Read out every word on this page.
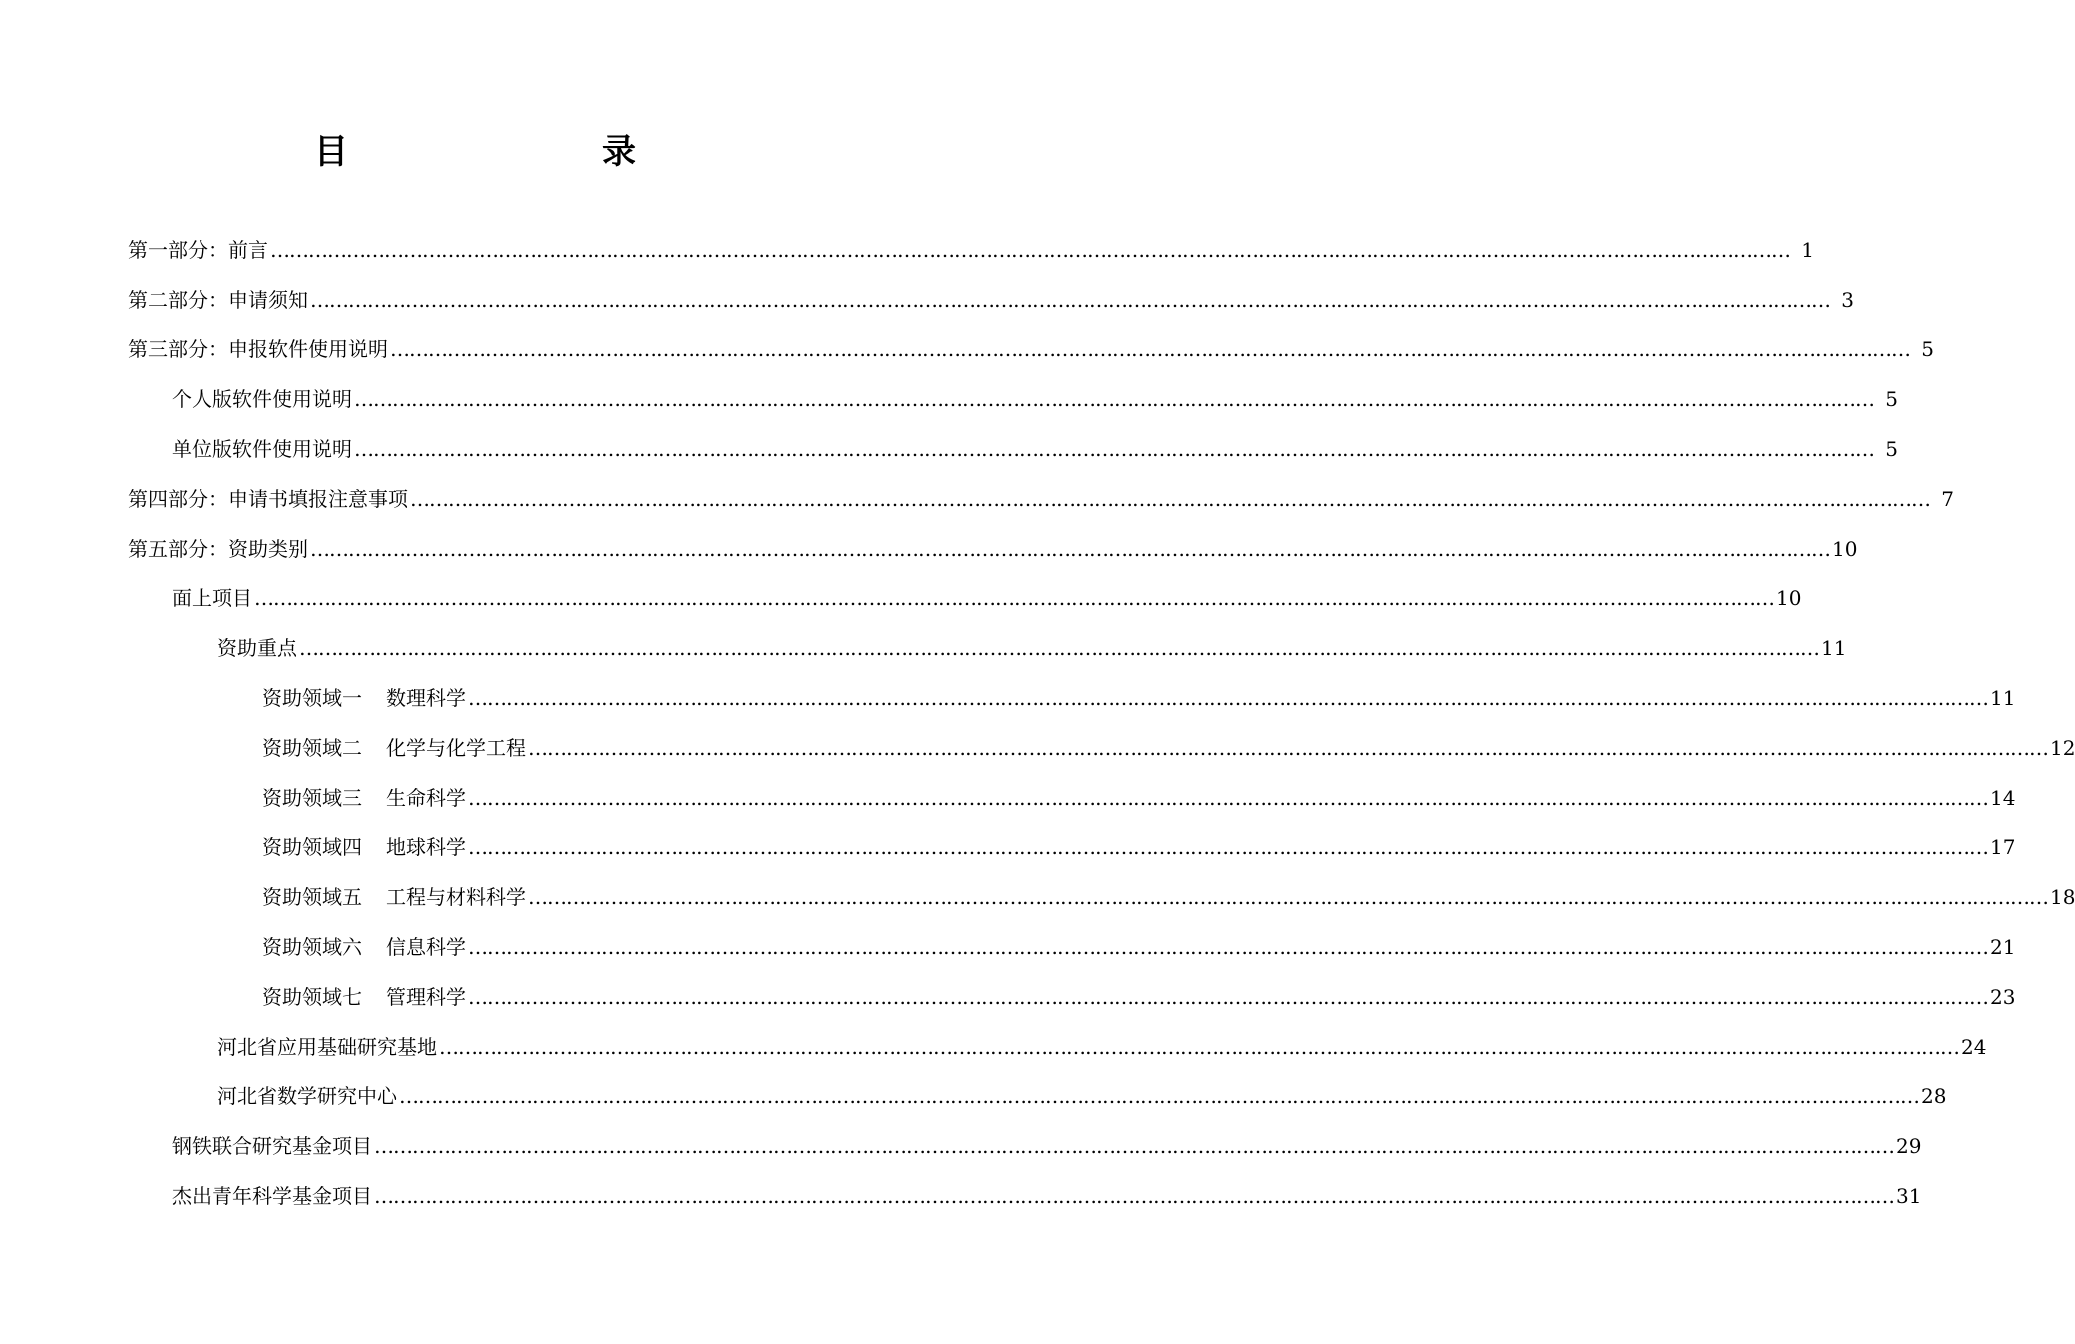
目　　录
第一部分：前言 …………………………………………………………………………………………………………………………………………………………………………………………………………………… 1
第二部分：申请须知 …………………………………………………………………………………………………………………………………………………………………………………………………………………… 3
第三部分：申报软件使用说明 …………………………………………………………………………………………………………………………………………………………………………………………………………………… 5
个人版软件使用说明 …………………………………………………………………………………………………………………………………………………………………………………………………………………… 5
单位版软件使用说明 …………………………………………………………………………………………………………………………………………………………………………………………………………………… 5
第四部分：申请书填报注意事项 …………………………………………………………………………………………………………………………………………………………………………………………………………………… 7
第五部分：资助类别 …………………………………………………………………………………………………………………………………………………………………………………………………………………… 10
面上项目 …………………………………………………………………………………………………………………………………………………………………………………………………………………… 10
资助重点 …………………………………………………………………………………………………………………………………………………………………………………………………………………… 11
资助领域一 数理科学 …………………………………………………………………………………………………………………………………………………………………………………………………………………… 11
资助领域二 化学与化学工程 …………………………………………………………………………………………………………………………………………………………………………………………………………………… 12
资助领域三 生命科学 …………………………………………………………………………………………………………………………………………………………………………………………………………………… 14
资助领域四 地球科学 …………………………………………………………………………………………………………………………………………………………………………………………………………………… 17
资助领域五 工程与材料科学 …………………………………………………………………………………………………………………………………………………………………………………………………………………… 18
资助领域六 信息科学 …………………………………………………………………………………………………………………………………………………………………………………………………………………… 21
资助领域七 管理科学 …………………………………………………………………………………………………………………………………………………………………………………………………………………… 23
河北省应用基础研究基地 …………………………………………………………………………………………………………………………………………………………………………………………………………………… 24
河北省数学研究中心 …………………………………………………………………………………………………………………………………………………………………………………………………………………… 28
钢铁联合研究基金项目 …………………………………………………………………………………………………………………………………………………………………………………………………………………… 29
杰出青年科学基金项目 …………………………………………………………………………………………………………………………………………………………………………………………………………………… 31
